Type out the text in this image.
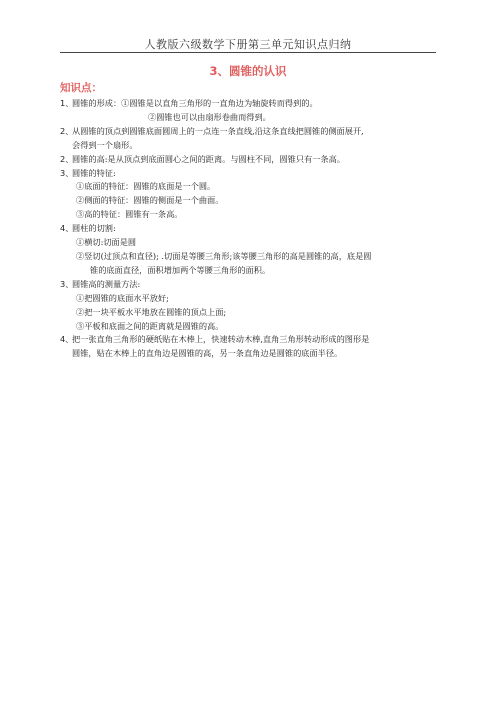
人教版六级数学下册第三单元知识点归纳
3、圆锥的认识
知识点：
1、圆锥的形成：①圆锥是以直角三角形的一直角边为轴旋转而得到的。
②圆锥也可以由扇形卷曲而得到。
2、从圆锥的顶点到圆锥底面圆周上的一点连一条直线,沿这条直线把圆锥的侧面展开,
会得到一个扇形。
2、圆锥的高:是从顶点到底面圆心之间的距离。与圆柱不同，圆锥只有一条高。
3、圆锥的特征:
①底面的特征：圆锥的底面是一个圆。
②侧面的特征：圆锥的侧面是一个曲面。
③高的特征：圆锥有一条高。
4、圆柱的切割:
①横切:切面是圆
②竖切(过顶点和直径); .切面是等腰三角形;该等腰三角形的高是圆锥的高，底是圆
锥的底面直径，面积增加两个等腰三角形的面积。
3、圆锥高的测量方法:
①把圆锥的底面水平放好;
②把一块平板水平地放在圆锥的顶点上面;
③平板和底面之间的距离就是圆锥的高。
4、把一张直角三角形的硬纸贴在木棒上，快速转动木棒,直角三角形转动形成的图形是
圆锥，贴在木棒上的直角边是圆锥的高，另一条直角边是圆锥的底面半径。
